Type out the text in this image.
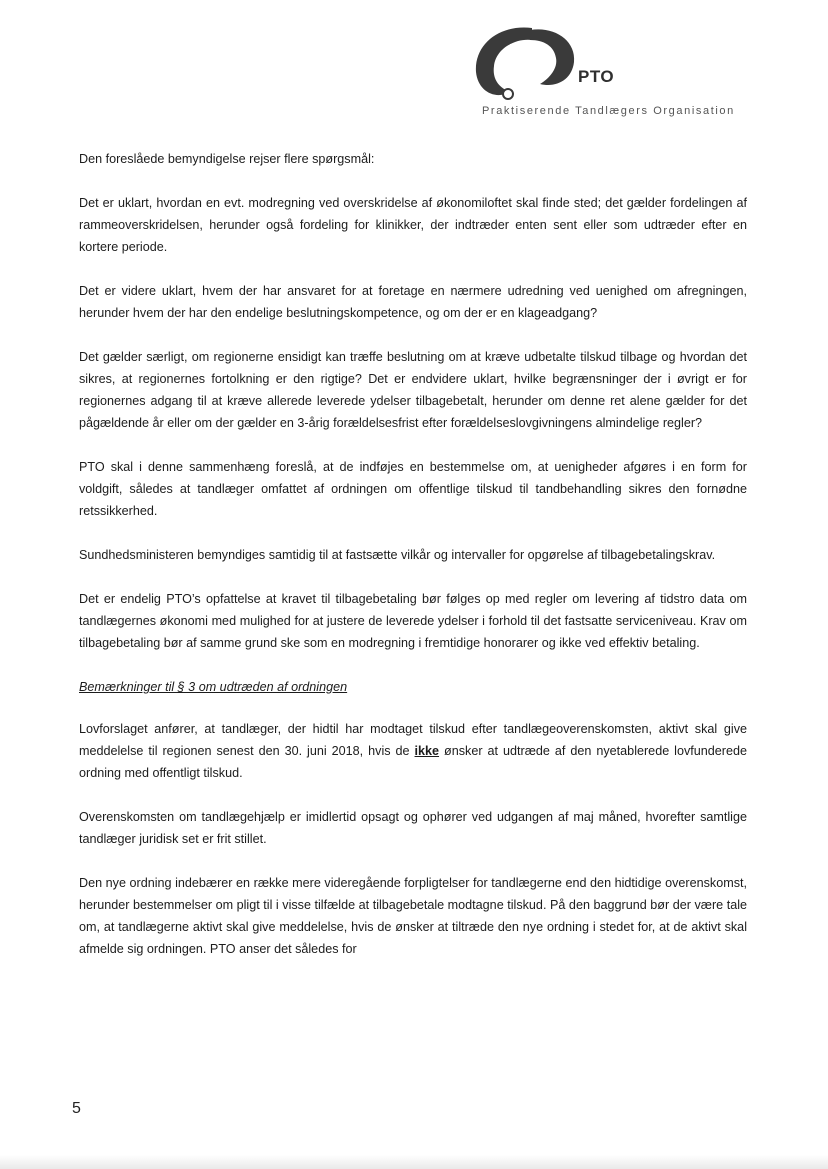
PTO
Praktiserende Tandlægers Organisation

Den foreslåede bemyndigelse rejser flere spørgsmål:

Det er uklart, hvordan en evt. modregning ved overskridelse af økonomiloftet skal finde sted; det gælder fordelingen af rammeoverskridelsen, herunder også fordeling for klinikker, der indtræder enten sent eller som udtræder efter en kortere periode.

Det er videre uklart, hvem der har ansvaret for at foretage en nærmere udredning ved uenighed om afregningen, herunder hvem der har den endelige beslutningskompetence, og om der er en klageadgang?

Det gælder særligt, om regionerne ensidigt kan træffe beslutning om at kræve udbetalte tilskud tilbage og hvordan det sikres, at regionernes fortolkning er den rigtige? Det er endvidere uklart, hvilke begrænsninger der i øvrigt er for regionernes adgang til at kræve allerede leverede ydelser tilbagebetalt, herunder om denne ret alene gælder for det pågældende år eller om der gælder en 3-årig forældelsesfrist efter forældelseslovgivningens almindelige regler?

PTO skal i denne sammenhæng foreslå, at de indføjes en bestemmelse om, at uenigheder afgøres i en form for voldgift, således at tandlæger omfattet af ordningen om offentlige tilskud til tandbehandling sikres den fornødne retssikkerhed.

Sundhedsministeren bemyndiges samtidig til at fastsætte vilkår og intervaller for opgørelse af tilbagebetalingskrav.

Det er endelig PTO’s opfattelse at kravet til tilbagebetaling bør følges op med regler om levering af tidstro data om tandlægernes økonomi med mulighed for at justere de leverede ydelser i forhold til det fastsatte serviceniveau. Krav om tilbagebetaling bør af samme grund ske som en modregning i fremtidige honorarer og ikke ved effektiv betaling.

Bemærkninger til § 3 om udtræden af ordningen

Lovforslaget anfører, at tandlæger, der hidtil har modtaget tilskud efter tandlægeoverenskomsten, aktivt skal give meddelelse til regionen senest den 30. juni 2018, hvis de ikke ønsker at udtræde af den nyetablerede lovfunderede ordning med offentligt tilskud.

Overenskomsten om tandlægehjælp er imidlertid opsagt og ophører ved udgangen af maj måned, hvorefter samtlige tandlæger juridisk set er frit stillet.

Den nye ordning indebærer en række mere videregående forpligtelser for tandlægerne end den hidtidige overenskomst, herunder bestemmelser om pligt til i visse tilfælde at tilbagebetale modtagne tilskud. På den baggrund bør der være tale om, at tandlægerne aktivt skal give meddelelse, hvis de ønsker at tiltræde den nye ordning i stedet for, at de aktivt skal afmelde sig ordningen. PTO anser det således for

5
